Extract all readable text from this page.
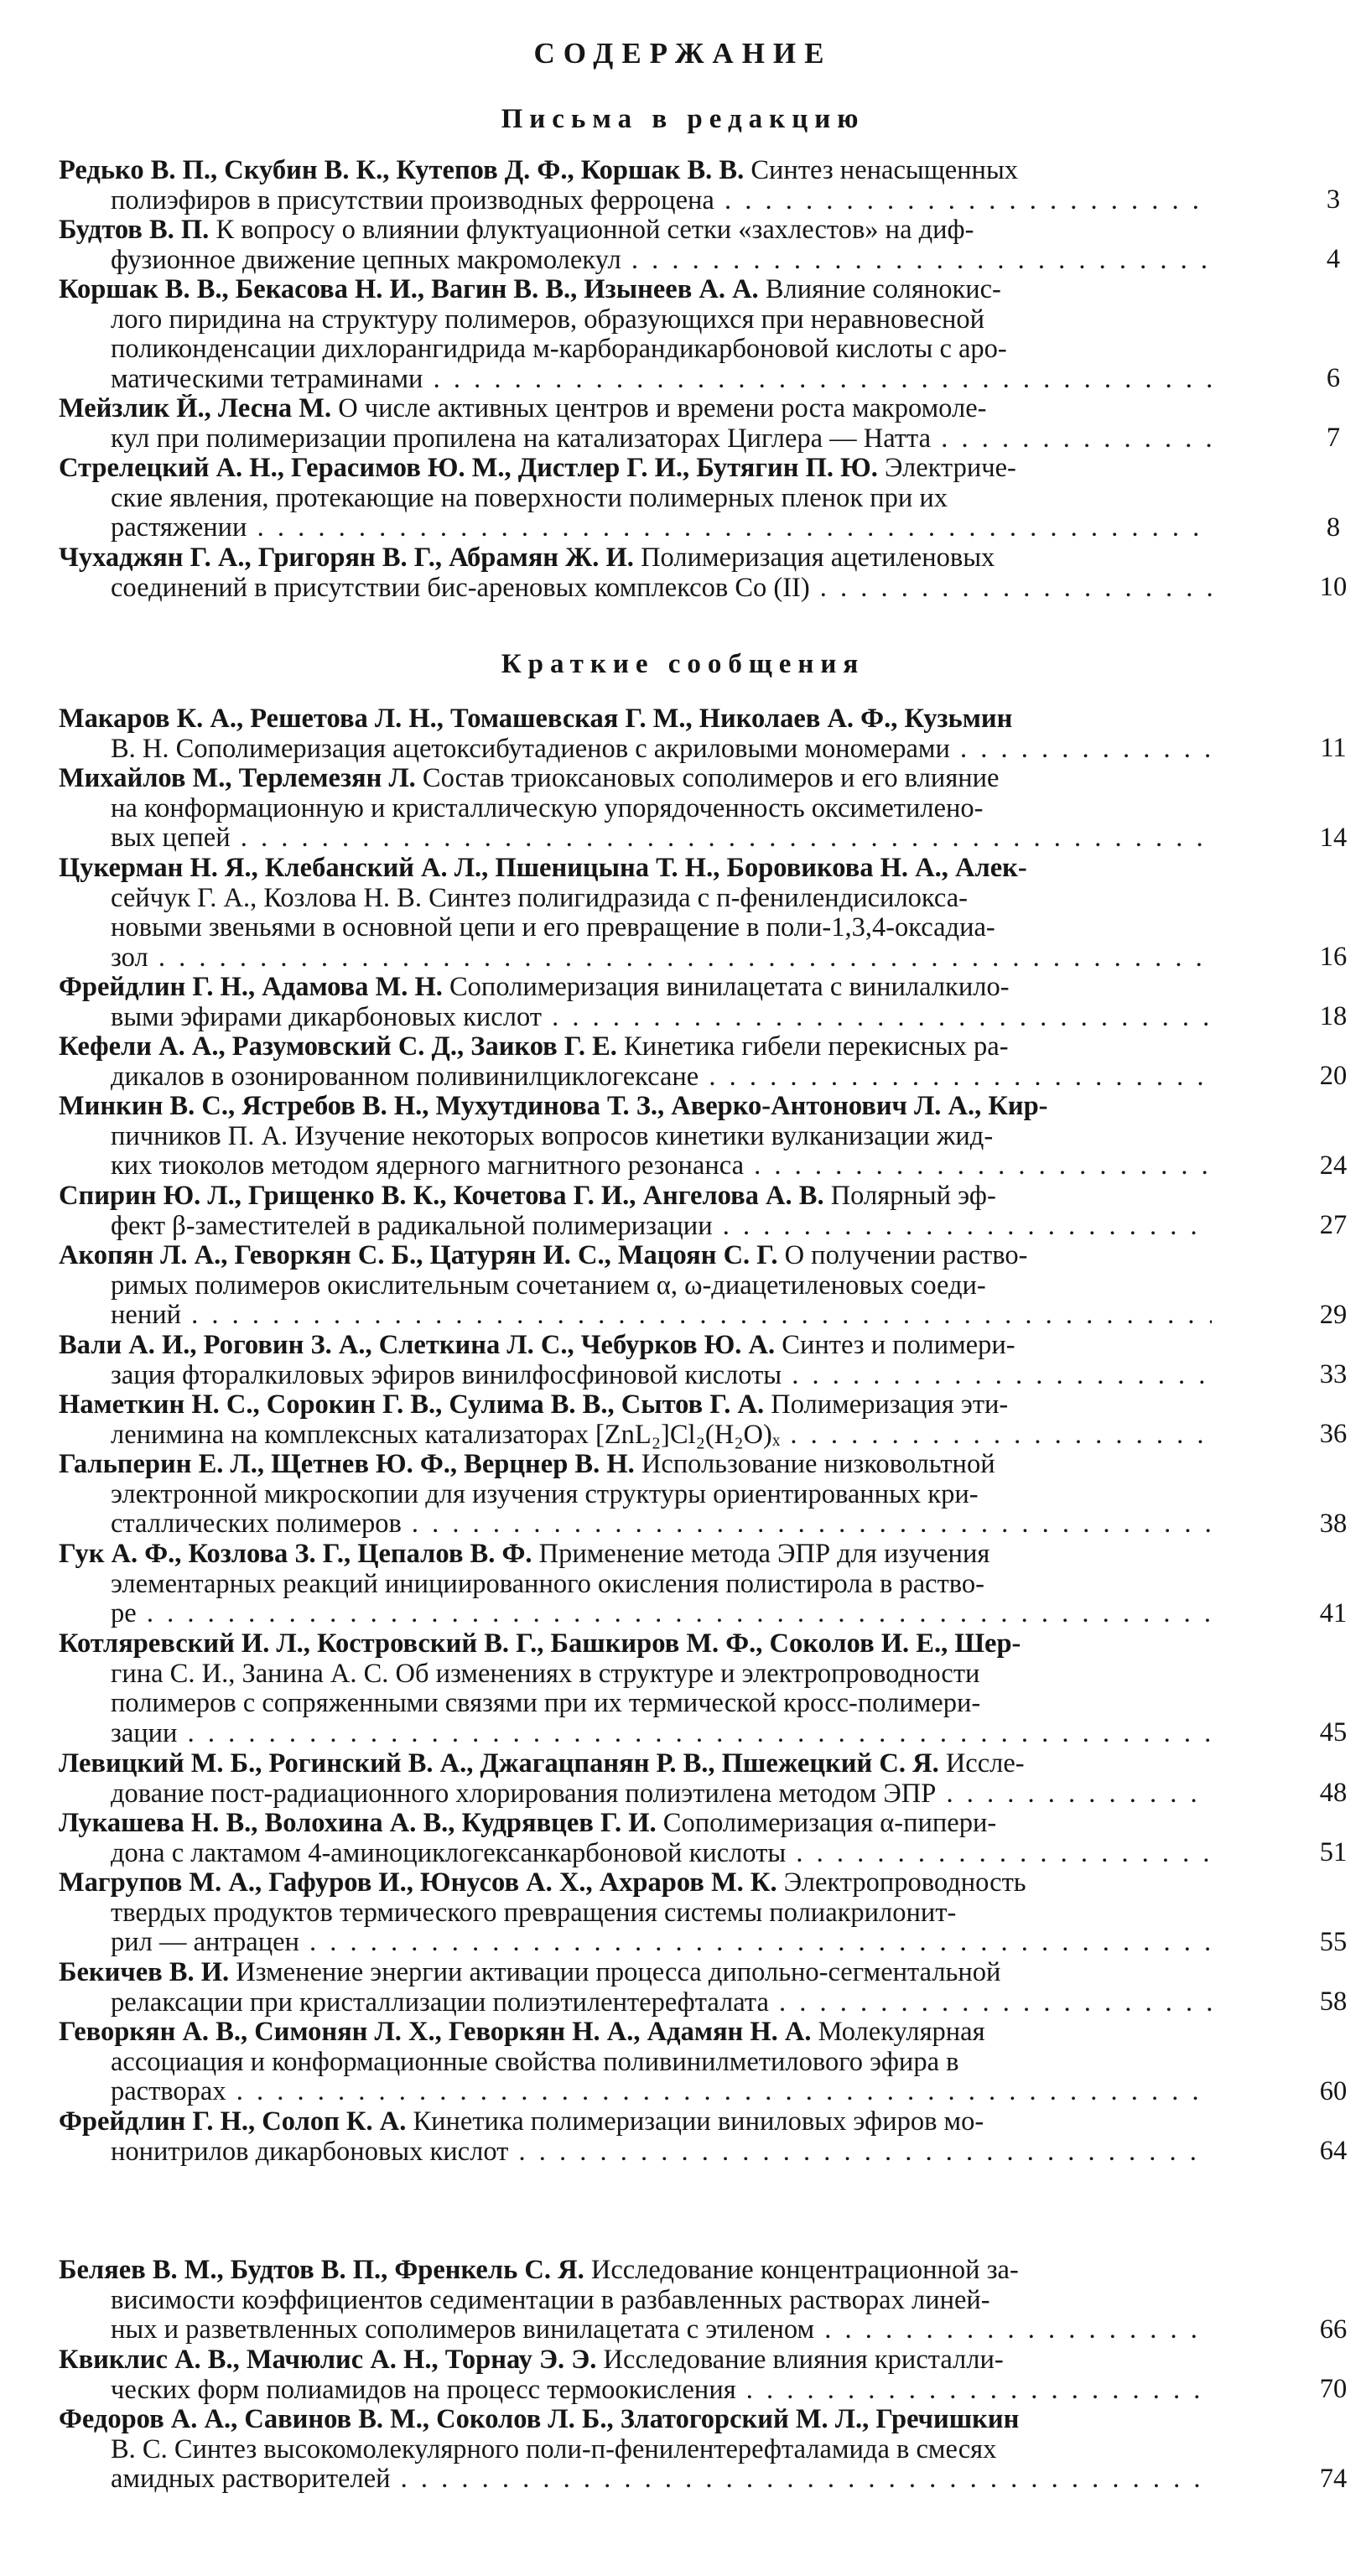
СОДЕРЖАНИЕ
Письма в редакцию
Редько В. П., Скубин В. К., Кутепов Д. Ф., Коршак В. В. Синтез ненасыщенных
полиэфиров в присутствии производных ферроцена . . .	3
Будтов В. П. К вопросу о влиянии флуктуационной сетки «захлестов» на диф-
фузионное движение цепных макромолекул . . .	4
Коршак В. В., Бекасова Н. И., Вагин В. В., Изынеев А. А. Влияние солянокис-
лого пиридина на структуру полимеров, образующихся при неравновесной
поликонденсации дихлорангидрида м-карборандикарбоновой кислоты с аро-
матическими тетраминами . . .	6
Мейзлик Й., Лесна М. О числе активных центров и времени роста макромоле-
кул при полимеризации пропилена на катализаторах Циглера — Натта . . .	7
Стрелецкий А. Н., Герасимов Ю. М., Дистлер Г. И., Бутягин П. Ю. Электриче-
ские явления, протекающие на поверхности полимерных пленок при их
растяжении . . .	8
Чухаджян Г. А., Григорян В. Г., Абрамян Ж. И. Полимеризация ацетиленовых
соединений в присутствии бис-ареновых комплексов Co (II) . . .	10
Краткие сообщения
Макаров К. А., Решетова Л. Н., Томашевская Г. М., Николаев А. Ф., Кузьмин
В. Н. Сополимеризация ацетоксибутадиенов с акриловыми мономерами . . .	11
Михайлов М., Терлемезян Л. Состав триоксановых сополимеров и его влияние
на конформационную и кристаллическую упорядоченность оксиметилено-
вых цепей . . .	14
Цукерман Н. Я., Клебанский А. Л., Пшеницына Т. Н., Боровикова Н. А., Алек-
сейчук Г. А., Козлова Н. В. Синтез полигидразида с п-фенилендисилокса-
новыми звеньями в основной цепи и его превращение в поли-1,3,4-оксадиа-
зол . . .	16
Фрейдлин Г. Н., Адамова М. Н. Сополимеризация винилацетата с винилалкило-
выми эфирами дикарбоновых кислот . . .	18
Кефели А. А., Разумовский С. Д., Заиков Г. Е. Кинетика гибели перекисных ра-
дикалов в озонированном поливинилциклогексане . . .	20
Минкин В. С., Ястребов В. Н., Мухутдинова Т. З., Аверко-Антонович Л. А., Кир-
пичников П. А. Изучение некоторых вопросов кинетики вулканизации жид-
ких тиоколов методом ядерного магнитного резонанса . . .	24
Спирин Ю. Л., Грищенко В. К., Кочетова Г. И., Ангелова А. В. Полярный эф-
фект β-заместителей в радикальной полимеризации . . .	27
Акопян Л. А., Геворкян С. Б., Цатурян И. С., Мацоян С. Г. О получении раство-
римых полимеров окислительным сочетанием α, ω-диацетиленовых соеди-
нений . . .	29
Вали А. И., Роговин З. А., Слеткина Л. С., Чебурков Ю. А. Синтез и полимери-
зация фторалкиловых эфиров винилфосфиновой кислоты . . .	33
Наметкин Н. С., Сорокин Г. В., Сулима В. В., Сытов Г. А. Полимеризация эти-
ленимина на комплексных катализаторах [ZnL₂]Cl₂(H₂O)ₓ . . .	36
Гальперин Е. Л., Щетнев Ю. Ф., Верцнер В. Н. Использование низковольтной
электронной микроскопии для изучения структуры ориентированных кри-
сталлических полимеров . . .	38
Гук А. Ф., Козлова З. Г., Цепалов В. Ф. Применение метода ЭПР для изучения
элементарных реакций инициированного окисления полистирола в раство-
ре . . .	41
Котляревский И. Л., Костровский В. Г., Башкиров М. Ф., Соколов И. Е., Шер-
гина С. И., Занина А. С. Об изменениях в структуре и электропроводности
полимеров с сопряженными связями при их термической кросс-полимери-
зации . . .	45
Левицкий М. Б., Рогинский В. А., Джагацпанян Р. В., Пшежецкий С. Я. Иссле-
дование пост-радиационного хлорирования полиэтилена методом ЭПР . . .	48
Лукашева Н. В., Волохина А. В., Кудрявцев Г. И. Сополимеризация α-пипери-
дона с лактамом 4-аминоциклогексанкарбоновой кислоты . . .	51
Магрупов М. А., Гафуров И., Юнусов А. Х., Ахраров М. К. Электропроводность
твердых продуктов термического превращения системы полиакрилонит-
рил — антрацен . . .	55
Бекичев В. И. Изменение энергии активации процесса дипольно-сегментальной
релаксации при кристаллизации полиэтилентерефталата . . .	58
Геворкян А. В., Симонян Л. Х., Геворкян Н. А., Адамян Н. А. Молекулярная
ассоциация и конформационные свойства поливинилметилового эфира в
растворах . . .	60
Фрейдлин Г. Н., Солоп К. А. Кинетика полимеризации виниловых эфиров мо-
нонитрилов дикарбоновых кислот . . .	64
Беляев В. М., Будтов В. П., Френкель С. Я. Исследование концентрационной за-
висимости коэффициентов седиментации в разбавленных растворах линей-
ных и разветвленных сополимеров винилацетата с этиленом . . .	66
Квиклис А. В., Мачюлис А. Н., Торнау Э. Э. Исследование влияния кристалли-
ческих форм полиамидов на процесс термоокисления . . .	70
Федоров А. А., Савинов В. М., Соколов Л. Б., Златогорский М. Л., Гречишкин
В. С. Синтез высокомолекулярного поли-п-фенилентерефталамида в смесях
амидных растворителей . . .	74
